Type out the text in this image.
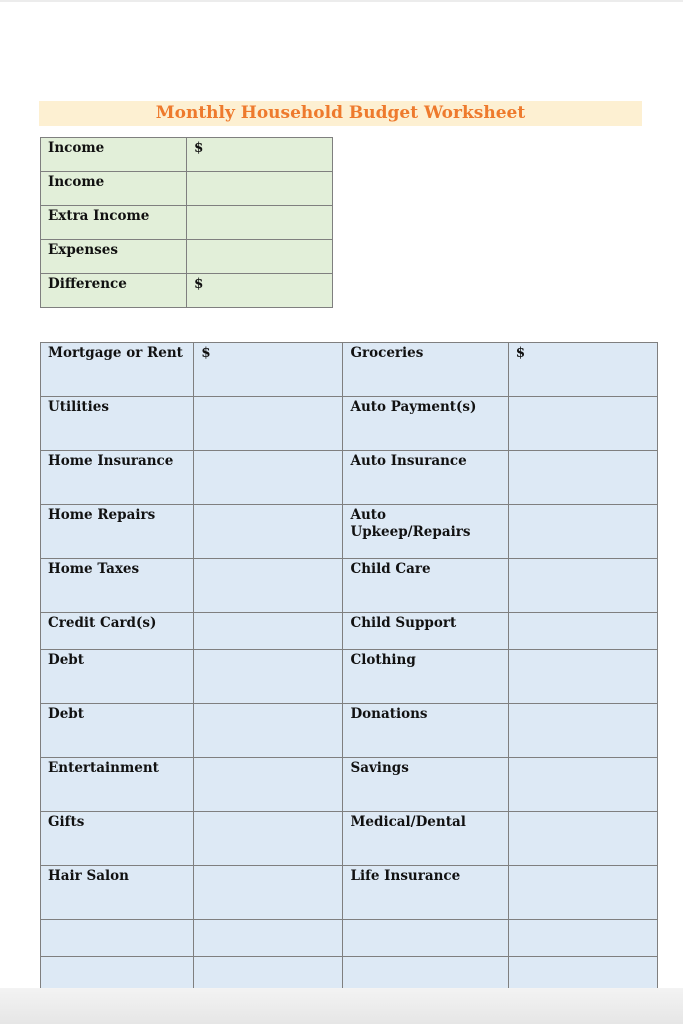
Monthly Household Budget Worksheet
Income	$
Income	
Extra Income	
Expenses	
Difference	$
Mortgage or Rent	$	Groceries	$
Utilities		Auto Payment(s)	
Home Insurance		Auto Insurance	
Home Repairs		Auto Upkeep/Repairs	
Home Taxes		Child Care	
Credit Card(s)		Child Support	
Debt		Clothing	
Debt		Donations	
Entertainment		Savings	
Gifts		Medical/Dental	
Hair Salon		Life Insurance	
